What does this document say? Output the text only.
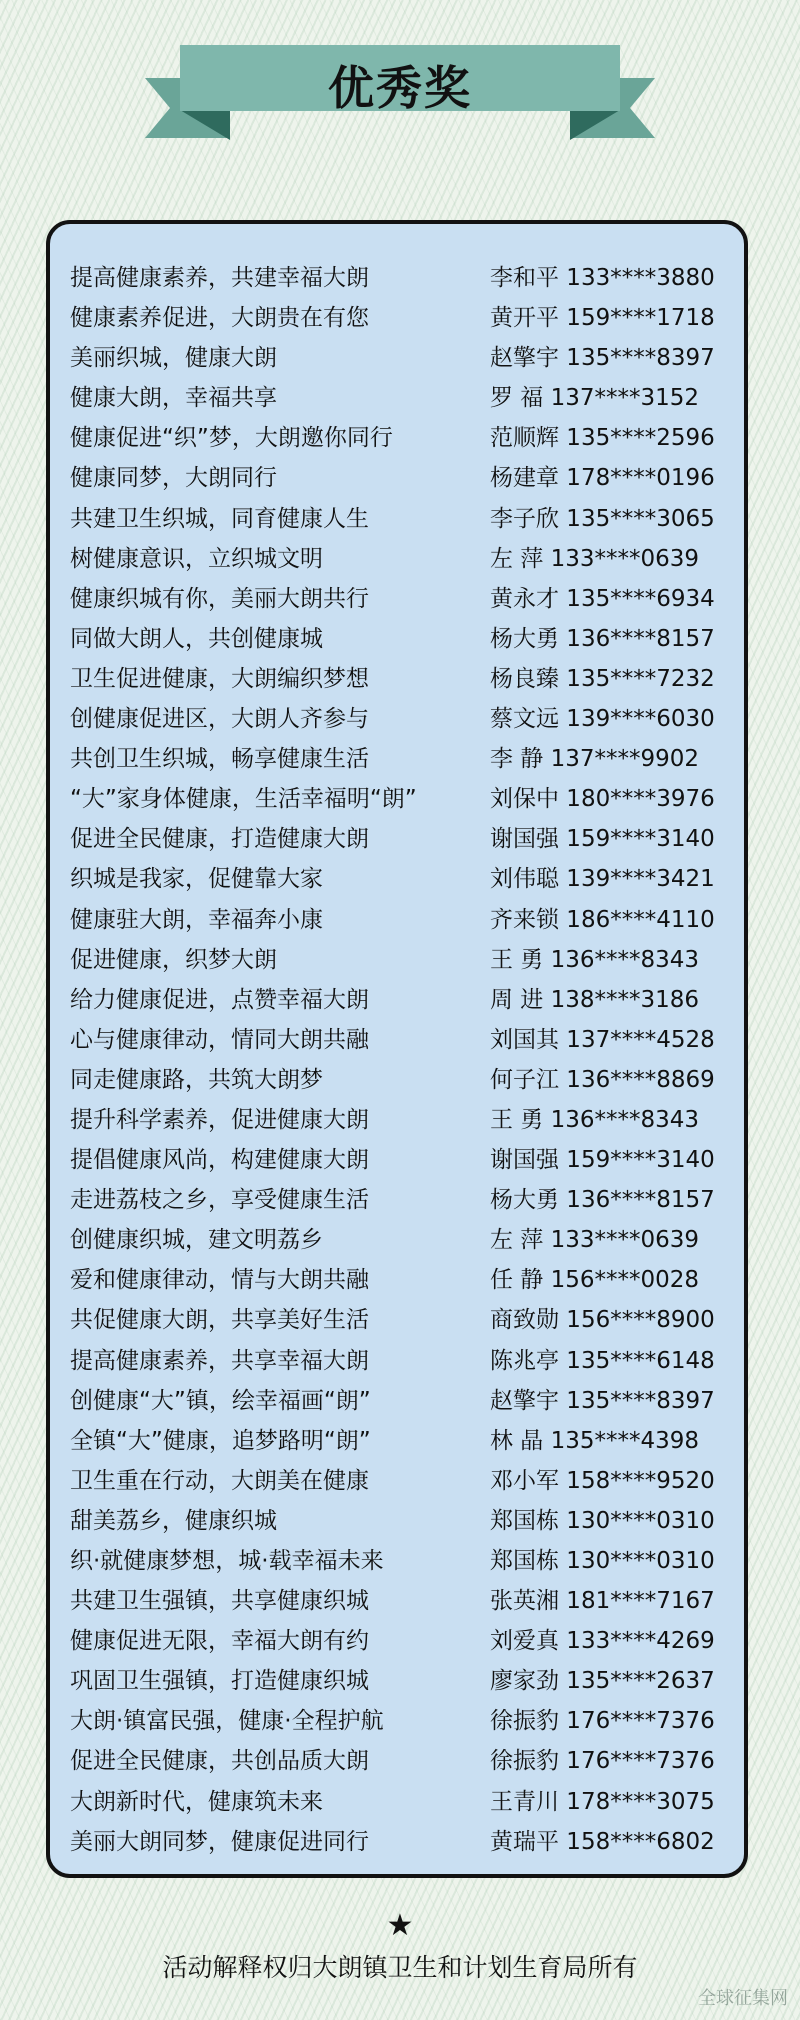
优秀奖
提高健康素养，共建幸福大朗	李和平 133****3880
健康素养促进，大朗贵在有您	黄开平 159****1718
美丽织城，健康大朗	赵擎宇 135****8397
健康大朗，幸福共享	罗 福 137****3152
健康促进“织”梦，大朗邀你同行	范顺辉 135****2596
健康同梦，大朗同行	杨建章 178****0196
共建卫生织城，同育健康人生	李子欣 135****3065
树健康意识，立织城文明	左 萍 133****0639
健康织城有你，美丽大朗共行	黄永才 135****6934
同做大朗人，共创健康城	杨大勇 136****8157
卫生促进健康，大朗编织梦想	杨良臻 135****7232
创健康促进区，大朗人齐参与	蔡文远 139****6030
共创卫生织城，畅享健康生活	李 静 137****9902
“大”家身体健康，生活幸福明“朗”	刘保中 180****3976
促进全民健康，打造健康大朗	谢国强 159****3140
织城是我家，促健靠大家	刘伟聪 139****3421
健康驻大朗，幸福奔小康	齐来锁 186****4110
促进健康，织梦大朗	王 勇 136****8343
给力健康促进，点赞幸福大朗	周 进 138****3186
心与健康律动，情同大朗共融	刘国其 137****4528
同走健康路，共筑大朗梦	何子江 136****8869
提升科学素养，促进健康大朗	王 勇 136****8343
提倡健康风尚，构建健康大朗	谢国强 159****3140
走进荔枝之乡，享受健康生活	杨大勇 136****8157
创健康织城，建文明荔乡	左 萍 133****0639
爱和健康律动，情与大朗共融	任 静 156****0028
共促健康大朗，共享美好生活	商致勋 156****8900
提高健康素养，共享幸福大朗	陈兆亭 135****6148
创健康“大”镇，绘幸福画“朗”	赵擎宇 135****8397
全镇“大”健康，追梦路明“朗”	林 晶 135****4398
卫生重在行动，大朗美在健康	邓小军 158****9520
甜美荔乡，健康织城	郑国栋 130****0310
织·就健康梦想，城·载幸福未来	郑国栋 130****0310
共建卫生强镇，共享健康织城	张英湘 181****7167
健康促进无限，幸福大朗有约	刘爱真 133****4269
巩固卫生强镇，打造健康织城	廖家劲 135****2637
大朗·镇富民强，健康·全程护航	徐振豹 176****7376
促进全民健康，共创品质大朗	徐振豹 176****7376
大朗新时代，健康筑未来	王青川 178****3075
美丽大朗同梦，健康促进同行	黄瑞平 158****6802
★
活动解释权归大朗镇卫生和计划生育局所有
全球征集网
